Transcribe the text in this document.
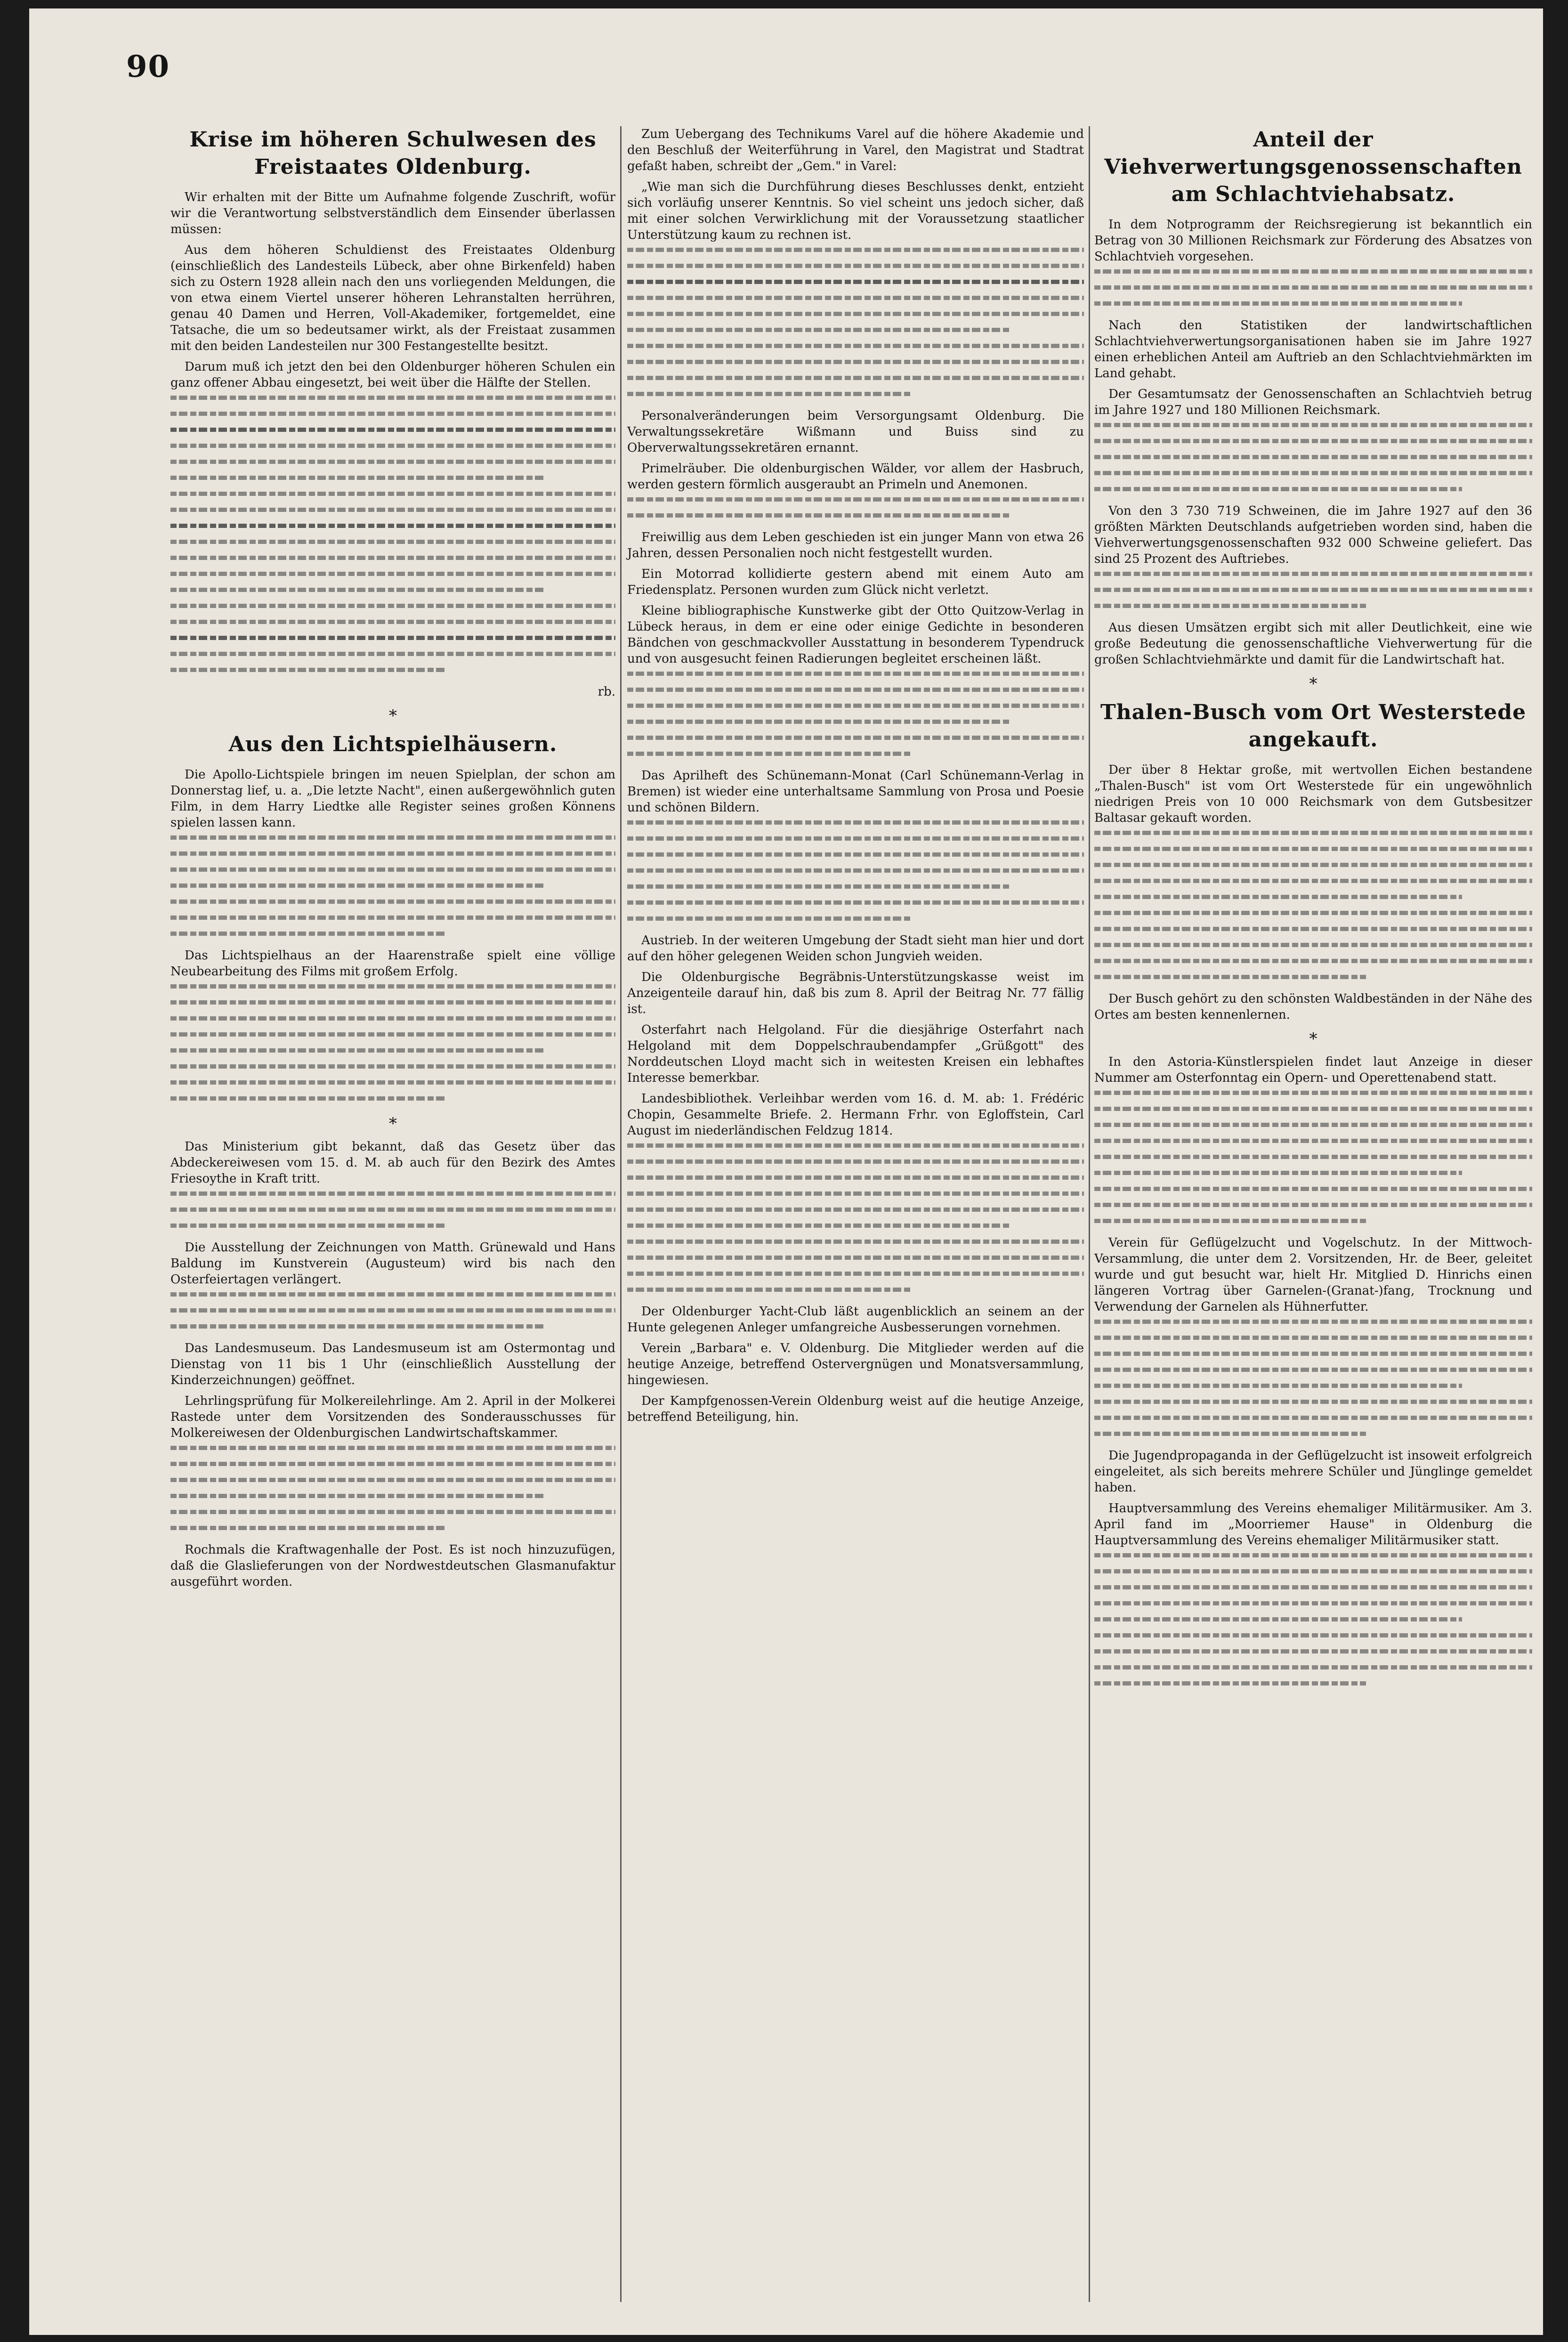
90
Krise im höheren Schulwesen des Freistaates Oldenburg.

Wir erhalten mit der Bitte um Aufnahme folgende Zuschrift, wofür wir die Verantwortung selbstverständlich dem Einsender überlassen müssen:

Aus dem höheren Schuldienst des Freistaates Oldenburg (einschließlich des Landesteils Lübeck, aber ohne Birkenfeld) haben sich zu Ostern 1928 allein nach den uns vorliegenden Meldungen, die von etwa einem Viertel unserer höheren Lehranstalten herrühren, genau 40 Damen und Herren, Voll-Akademiker, fortgemeldet, eine Tatsache, die um so bedeutsamer wirkt, als der Freistaat zusammen mit den beiden Landesteilen nur 300 Festangestellte besitzt.

Darum muß ich jetzt den bei den Oldenburger höheren Schulen ein ganz offener Abbau eingesetzt, bei weit über die Hälfte der Stellen.

rb.

*
Aus den Lichtspielhäusern.

Die Apollo-Lichtspiele bringen im neuen Spielplan, der schon am Donnerstag lief, u. a. „Die letzte Nacht", einen außergewöhnlich guten Film, in dem Harry Liedtke alle Register seines großen Könnens spielen lassen kann.

Das Lichtspielhaus an der Haarenstraße spielt eine völlige Neubearbeitung des Films mit großem Erfolg.

*

Das Ministerium gibt bekannt, daß das Gesetz über das Abdeckereiwesen vom 15. d. M. ab auch für den Bezirk des Amtes Friesoythe in Kraft tritt.

Die Ausstellung der Zeichnungen von Matth. Grünewald und Hans Baldung im Kunstverein (Augusteum) wird bis nach den Osterfeiertagen verlängert.

Das Landesmuseum. Das Landesmuseum ist am Ostermontag und Dienstag von 11 bis 1 Uhr (einschließlich Ausstellung der Kinderzeichnungen) geöffnet.

Lehrlingsprüfung für Molkereilehrlinge. Am 2. April in der Molkerei Rastede unter dem Vorsitzenden des Sonderausschusses für Molkereiwesen der Oldenburgischen Landwirtschaftskammer.

Rochmals die Kraftwagenhalle der Post. Es ist noch hinzuzufügen, daß die Glaslieferungen von der Nordwestdeutschen Glasmanufaktur ausgeführt worden.

Zum Uebergang des Technikums Varel auf die höhere Akademie und den Beschluß der Weiterführung in Varel, den Magistrat und Stadtrat gefaßt haben, schreibt der „Gem." in Varel:

„Wie man sich die Durchführung dieses Beschlusses denkt, entzieht sich vorläufig unserer Kenntnis. So viel scheint uns jedoch sicher, daß mit einer solchen Verwirklichung mit der Voraussetzung staatlicher Unterstützung kaum zu rechnen ist.

Personalveränderungen beim Versorgungsamt Oldenburg. Die Verwaltungssekretäre Wißmann und Buiss sind zu Oberverwaltungssekretären ernannt.

Primelräuber. Die oldenburgischen Wälder, vor allem der Hasbruch, werden gestern förmlich ausgeraubt an Primeln und Anemonen.

Freiwillig aus dem Leben geschieden ist ein junger Mann von etwa 26 Jahren, dessen Personalien noch nicht festgestellt wurden.

Ein Motorrad kollidierte gestern abend mit einem Auto am Friedensplatz. Personen wurden zum Glück nicht verletzt.

Kleine bibliographische Kunstwerke gibt der Otto Quitzow-Verlag in Lübeck heraus, in dem er eine oder einige Gedichte in besonderen Bändchen von geschmackvoller Ausstattung in besonderem Typendruck und von ausgesucht feinen Radierungen begleitet erscheinen läßt.

Das Aprilheft des Schünemann-Monat (Carl Schünemann-Verlag in Bremen) ist wieder eine unterhaltsame Sammlung von Prosa und Poesie und schönen Bildern.

Austrieb. In der weiteren Umgebung der Stadt sieht man hier und dort auf den höher gelegenen Weiden schon Jungvieh weiden.

Die Oldenburgische Begräbnis-Unterstützungskasse weist im Anzeigenteile darauf hin, daß bis zum 8. April der Beitrag Nr. 77 fällig ist.

Osterfahrt nach Helgoland. Für die diesjährige Osterfahrt nach Helgoland mit dem Doppelschraubendampfer „Grüßgott" des Norddeutschen Lloyd macht sich in weitesten Kreisen ein lebhaftes Interesse bemerkbar.

Landesbibliothek. Verleihbar werden vom 16. d. M. ab: 1. Frédéric Chopin, Gesammelte Briefe. 2. Hermann Frhr. von Egloffstein, Carl August im niederländischen Feldzug 1814.

Der Oldenburger Yacht-Club läßt augenblicklich an seinem an der Hunte gelegenen Anleger umfangreiche Ausbesserungen vornehmen.

Verein „Barbara" e. V. Oldenburg. Die Mitglieder werden auf die heutige Anzeige, betreffend Ostervergnügen und Monatsversammlung, hingewiesen.

Der Kampfgenossen-Verein Oldenburg weist auf die heutige Anzeige, betreffend Beteiligung, hin.

Anteil der Viehverwertungsgenossenschaften am Schlachtviehabsatz.

In dem Notprogramm der Reichsregierung ist bekanntlich ein Betrag von 30 Millionen Reichsmark zur Förderung des Absatzes von Schlachtvieh vorgesehen.

Nach den Statistiken der landwirtschaftlichen Schlachtviehverwertungsorganisationen haben sie im Jahre 1927 einen erheblichen Anteil am Auftrieb an den Schlachtviehmärkten im Land gehabt.

Der Gesamtumsatz der Genossenschaften an Schlachtvieh betrug im Jahre 1927 und 180 Millionen Reichsmark.

Von den 3 730 719 Schweinen, die im Jahre 1927 auf den 36 größten Märkten Deutschlands aufgetrieben worden sind, haben die Viehverwertungsgenossenschaften 932 000 Schweine geliefert. Das sind 25 Prozent des Auftriebes.

Aus diesen Umsätzen ergibt sich mit aller Deutlichkeit, eine wie große Bedeutung die genossenschaftliche Viehverwertung für die großen Schlachtviehmärkte und damit für die Landwirtschaft hat.

*
Thalen-Busch vom Ort Westerstede angekauft.

Der über 8 Hektar große, mit wertvollen Eichen bestandene „Thalen-Busch" ist vom Ort Westerstede für ein ungewöhnlich niedrigen Preis von 10 000 Reichsmark von dem Gutsbesitzer Baltasar gekauft worden.

Der Busch gehört zu den schönsten Waldbeständen in der Nähe des Ortes am besten kennenlernen.

*

In den Astoria-Künstlerspielen findet laut Anzeige in dieser Nummer am Osterfonntag ein Opern- und Operettenabend statt.

Verein für Geflügelzucht und Vogelschutz. In der Mittwoch-Versammlung, die unter dem 2. Vorsitzenden, Hr. de Beer, geleitet wurde und gut besucht war, hielt Hr. Mitglied D. Hinrichs einen längeren Vortrag über Garnelen-(Granat-)fang, Trocknung und Verwendung der Garnelen als Hühnerfutter.

Die Jugendpropaganda in der Geflügelzucht ist insoweit erfolgreich eingeleitet, als sich bereits mehrere Schüler und Jünglinge gemeldet haben.

Hauptversammlung des Vereins ehemaliger Militärmusiker. Am 3. April fand im „Moorriemer Hause" in Oldenburg die Hauptversammlung des Vereins ehemaliger Militärmusiker statt.
